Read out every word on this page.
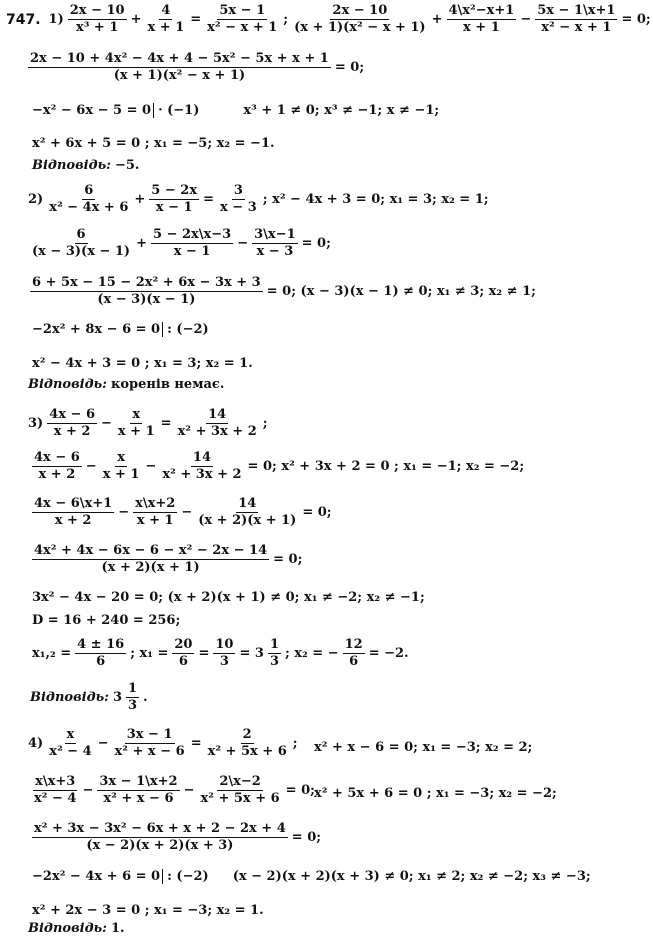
747. $1) \frac{2x - 10}{\text{x³ + 1}} + \frac{4}{x + 1} = \frac{5x - 1}{\text{x² − x + 1}}$ ; $\frac{2x - 10}{\text{(x + 1)(x² − x + 1)}} + \frac{\text{4\textbackslash{}x²−x+1}}{x + 1} - \frac{5x - 1\backslash x+1}{\text{x² − x + 1}} = 0$;
$\frac{\text{2x − 10 + 4x² − 4x + 4 − 5x² − 5x + x + 1}}{\text{(x + 1)(x² − x + 1)}} = 0$;
−x² − 6x − 5 = 0 · (−1)	x³ + 1 ≠ 0; x³ ≠ −1; x ≠ −1;
x² + 6x + 5 = 0 ; x₁ = −5; x₂ = −1.
Відповідь: −5.
$2) \frac{6}{\text{x² − 4x + 6}} + \frac{5 - 2x}{x - 1} = \frac{3}{x - 3}$ ; x² − 4x + 3 = 0; x₁ = 3; x₂ = 1;
$\frac{6}{(x - 3)(x - 1)} + \frac{5 - 2x\backslash x-3}{x - 1} - \frac{3\backslash x-1}{x - 3} = 0$;
$\frac{\text{6 + 5x − 15 − 2x² + 6x − 3x + 3}}{(x - 3)(x - 1)} = 0$; (x − 3)(x − 1) ≠ 0; x₁ ≠ 3; x₂ ≠ 1;
−2x² + 8x − 6 = 0 : (−2)
x² − 4x + 3 = 0 ; x₁ = 3; x₂ = 1.
Відповідь: коренів немає.
$3) \frac{4x - 6}{x + 2} - \frac{x}{x + 1} = \frac{14}{\text{x² + 3x + 2}}$ ;
$\frac{4x - 6}{x + 2} - \frac{x}{x + 1} - \frac{14}{\text{x² + 3x + 2}} = 0$; x² + 3x + 2 = 0 ; x₁ = −1; x₂ = −2;
$\frac{4x - 6\backslash x+1}{x + 2} - \frac{x\backslash x+2}{x + 1} - \frac{14}{(x + 2)(x + 1)} = 0$;
$\frac{\text{4x² + 4x − 6x − 6 − x² − 2x − 14}}{(x + 2)(x + 1)} = 0$;
3x² − 4x − 20 = 0; (x + 2)(x + 1) ≠ 0; x₁ ≠ −2; x₂ ≠ −1;
D = 16 + 240 = 256;
$x_1,_2 = \frac{4 \pm 16}{6}$ ; $x_1 = \frac{20}{6} = \frac{10}{3} = 3 \frac{1}{3}$ ; x₂ = − $\frac{12}{6} = -2$.
Відповідь: $3 \frac{1}{3}$ .
$4) \frac{x}{\text{x² − 4}} - \frac{3x - 1}{\text{x² + x − 6}} = \frac{2}{\text{x² + 5x + 6}}$ ; x² + x − 6 = 0; x₁ = −3; x₂ = 2;
$\frac{x\backslash x+3}{\text{x² − 4}} - \frac{3x - 1\backslash x+2}{\text{x² + x − 6}} - \frac{2\backslash x-2}{\text{x² + 5x + 6}} = 0$; x² + 5x + 6 = 0 ; x₁ = −3; x₂ = −2;
$\frac{\text{x² + 3x − 3x² − 6x + x + 2 − 2x + 4}}{(x - 2)(x + 2)(x + 3)} = 0$;
−2x² − 4x + 6 = 0 : (−2) (x − 2)(x + 2)(x + 3) ≠ 0; x₁ ≠ 2; x₂ ≠ −2; x₃ ≠ −3;
x² + 2x − 3 = 0 ; x₁ = −3; x₂ = 1.
Відповідь: 1.
